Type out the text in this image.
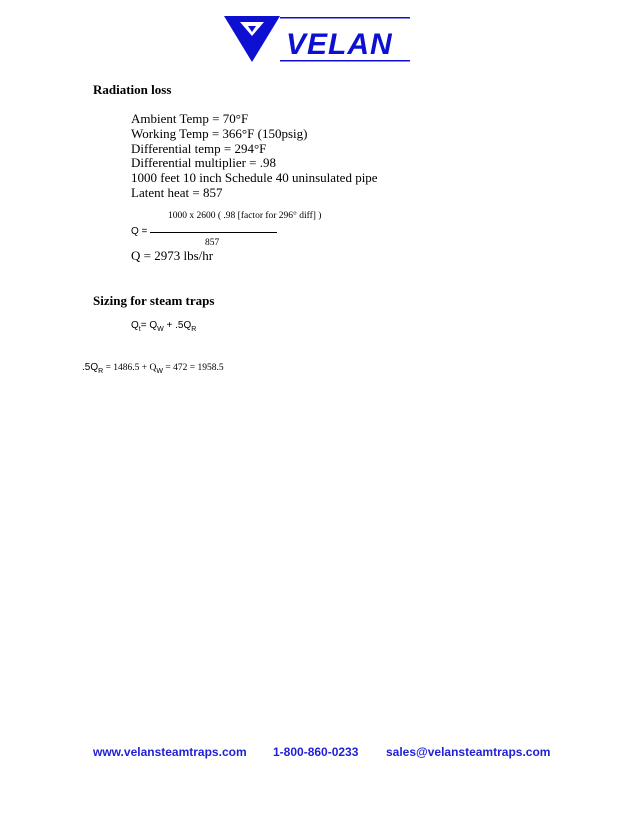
VELAN
Radiation loss
Ambient Temp = 70°F
Working Temp = 366°F (150psig)
Differential temp = 294°F
Differential multiplier = .98
1000 feet 10 inch Schedule 40 uninsulated pipe
Latent heat = 857
1000 x 2600 ( .98 [factor for 296° diff] )
Q =
857
Q = 2973 lbs/hr
Sizing for steam traps
$Q_t= Q_W + .5Q_R$
$.5Q_R = 1486.5 + Q_W = 472 = 1958.5$
www.velansteamtraps.com 1-800-860-0233 sales@velansteamtraps.com
